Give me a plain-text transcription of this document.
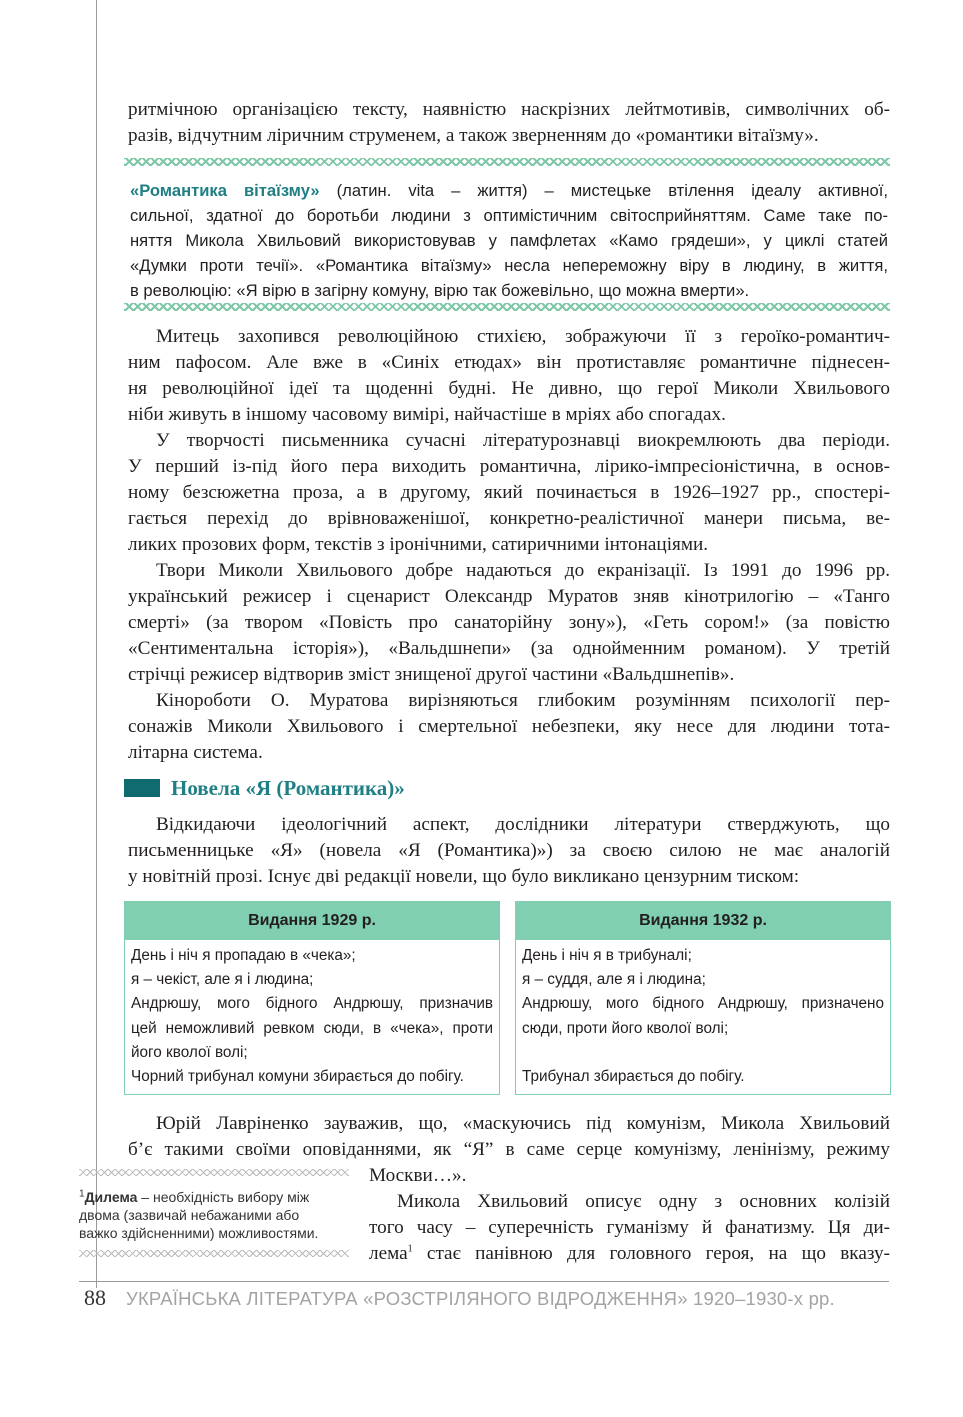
ритмічною організацією тексту, наявністю наскрізних лейтмотивів, символічних об-
разів, відчутним ліричним струменем, а також зверненням до «романтики вітаїзму».
«Романтика вітаїзму» (латин. vita – життя) – мистецьке втілення ідеалу активної,
сильної, здатної до боротьби людини з оптимістичним світосприйняттям. Саме таке по-
няття Микола Хвильовий використовував у памфлетах «Камо грядеши», у циклі статей
«Думки проти течії». «Романтика вітаїзму» несла непереможну віру в людину, в життя,
в революцію: «Я вірю в загірну комуну, вірю так божевільно, що можна вмерти».
Митець захопився революційною стихією, зображуючи її з героїко-романтич-
ним пафосом. Але вже в «Синіх етюдах» він протиставляє романтичне піднесен-
ня революційної ідеї та щоденні будні. Не дивно, що герої Миколи Хвильового
ніби живуть в іншому часовому вимірі, найчастіше в мріях або спогадах.
У творчості письменника сучасні літературознавці виокремлюють два періоди.
У перший із-під його пера виходить романтична, лірико-імпресіоністична, в основ-
ному безсюжетна проза, а в другому, який починається в 1926–1927 рр., спостері-
гається перехід до врівноваженішої, конкретно-реалістичної манери письма, ве-
ликих прозових форм, текстів з іронічними, сатиричними інтонаціями.
Твори Миколи Хвильового добре надаються до екранізації. Із 1991 до 1996 рр.
український режисер і сценарист Олександр Муратов зняв кінотрилогію – «Танго
смерті» (за твором «Повість про санаторійну зону»), «Геть сором!» (за повістю
«Сентиментальна історія»), «Вальдшнепи» (за однойменним романом). У третій
стрічці режисер відтворив зміст знищеної другої частини «Вальдшнепів».
Кінороботи О. Муратова вирізняються глибоким розумінням психології пер-
сонажів Миколи Хвильового і смертельної небезпеки, яку несе для людини тота-
літарна система.
Новела «Я (Романтика)»
Відкидаючи ідеологічний аспект, дослідники літератури стверджують, що
письменницьке «Я» (новела «Я (Романтика)») за своєю силою не має аналогій
у новітній прозі. Існує дві редакції новели, що було викликано цензурним тиском:
Видання 1929 р.
День і ніч я пропадаю в «чека»;
я – чекіст, але я і людина;
Андрюшу, мого бідного Андрюшу, призначив
цей неможливий ревком сюди, в «чека», проти
його кволої волі;
Чорний трибунал комуни збирається до побігу.
Видання 1932 р.
День і ніч я в трибуналі;
я – суддя, але я і людина;
Андрюшу, мого бідного Андрюшу, призначено
сюди, проти його кволої волі;
Трибунал збирається до побігу.
Юрій Лавріненко зауважив, що, «маскуючись під комунізм, Микола Хвильовий
б’є такими своїми оповіданнями, як “Я” в саме серце комунізму, ленінізму, режиму
Москви…».
Микола Хвильовий описує одну з основних колізій
того часу – суперечність гуманізму й фанатизму. Ця ди-
лема$^1$ стає панівною для головного героя, на що вказу-
$^1$Дилема – необхідність вибору між
двома (зазвичай небажаними або
важко здійсненними) можливостями.
88 УКРАЇНСЬКА ЛІТЕРАТУРА «РОЗСТРІЛЯНОГО ВІДРОДЖЕННЯ» 1920–1930-х рр.
